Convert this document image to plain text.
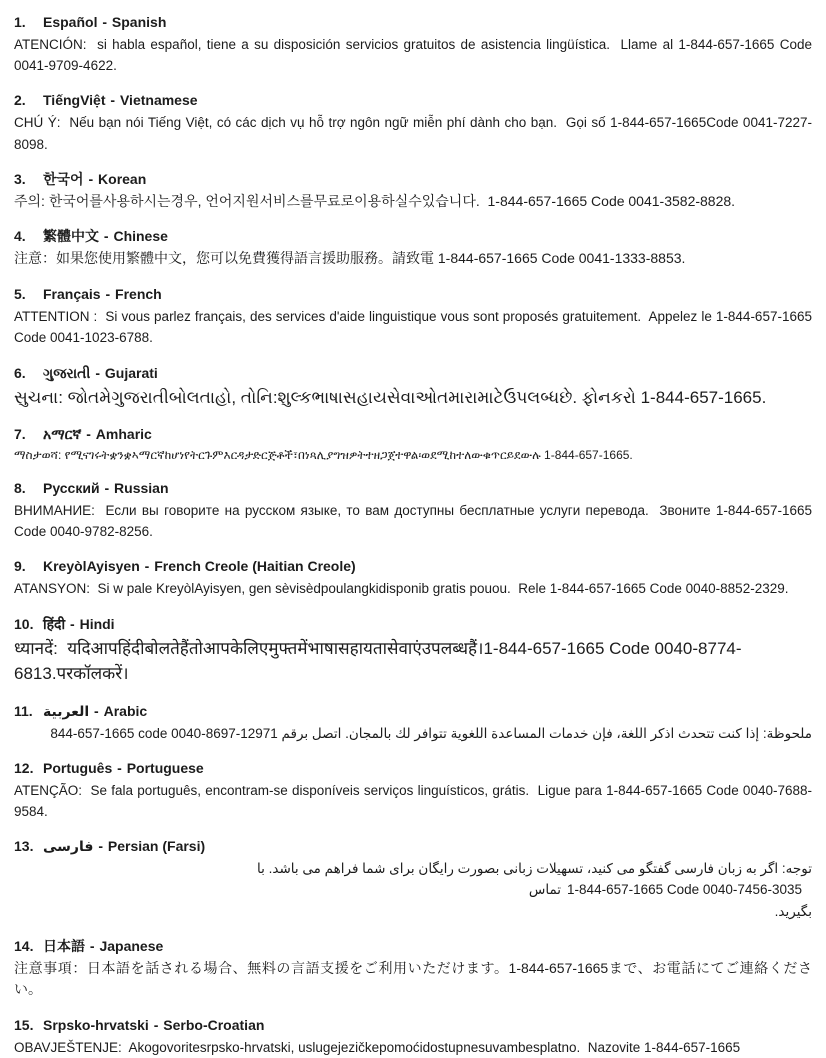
1. Español - Spanish

ATENCIÓN:  si habla español, tiene a su disposición servicios gratuitos de asistencia lingüística.  Llame al 1-844-657-1665 Code 0041-9709-4622.

2. TiếngViệt - Vietnamese

CHÚ Ý:  Nếu bạn nói Tiếng Việt, có các dịch vụ hỗ trợ ngôn ngữ miễn phí dành cho bạn.  Gọi số 1-844-657-1665Code 0041-7227-8098.

3. 한국어 - Korean

주의: 한국어를사용하시는경우, 언어지원서비스를무료로이용하실수있습니다.  1-844-657-1665 Code 0041-3582-8828.

4. 繁體中文 - Chinese

注意：如果您使用繁體中文，您可以免費獲得語言援助服務。請致電 1-844-657-1665 Code 0041-1333-8853.

5. Français - French

ATTENTION :  Si vous parlez français, des services d'aide linguistique vous sont proposés gratuitement.  Appelez le 1-844-657-1665 Code 0041-1023-6788.

6. ગુજરાતી - Gujarati

સુચના: જોતમેગુજરાતીબોલતાહો, તોનિ:શુલ્કભાષાસહાયસેવાઓતમારામાટેઉપલબ્ધછે. ફોનકરો 1-844-657-1665.

7. አማርኛ - Amharic

ማስታወሻ: የሚናገሩትቋንቋኣማርኛከሆነየትርጉምእርዳታድርጅቶች፣በነጻሊያግዝዎትተዘጋጀተዋል፡ወደሚከተለውቁጥርይደውሉ 1-844-657-1665.

8. Русский - Russian

ВНИМАНИЕ:  Если вы говорите на русском языке, то вам доступны бесплатные услуги перевода.  Звоните 1-844-657-1665 Code 0040-9782-8256.

9. KreyòlAyisyen - French Creole (Haitian Creole)

ATANSYON:  Si w pale KreyòlAyisyen, gen sèvisèdpoulangkidisponib gratis pouou.  Rele 1-844-657-1665 Code 0040-8852-2329.

10. हिंदी - Hindi

ध्यानदें:  यदिआपहिंदीबोलतेहैंतोआपकेलिएमुफ्तमेंभाषासहायतासेवाएंउपलब्धहैं।1-844-657-1665 Code 0040-8774-6813.परकॉलकरें।

11. العربية - Arabic

ملحوظة: إذا كنت تتحدث اذكر اللغة، فإن خدمات المساعدة اللغوية تتوافر لك بالمجان. اتصل برقم 844-657-1665 code 0040-8697-12971

12. Português - Portuguese

ATENÇÃO:  Se fala português, encontram-se disponíveis serviços linguísticos, grátis.  Ligue para 1-844-657-1665 Code 0040-7688-9584.

13. فارسی - Persian (Farsi)

توجه: اگر به زبان فارسی گفتگو می کنید، تسهیلات زبانی بصورت رایگان برای شما فراهم می باشد. با1-844-657-1665 Code 0040-7456-3035تماس
بگیرید.

14. 日本語 - Japanese

注意事項：日本語を話される場合、無料の言語支援をご利用いただけます。1-844-657-1665まで、お電話にてご連絡ください。

15. Srpsko-hrvatski - Serbo-Croatian

OBAVJEŠTENJE:  Akogovoritesrpsko-hrvatski, uslugejezičkepomoćidostupnesuvambesplatno.  Nazovite 1-844-657-1665
